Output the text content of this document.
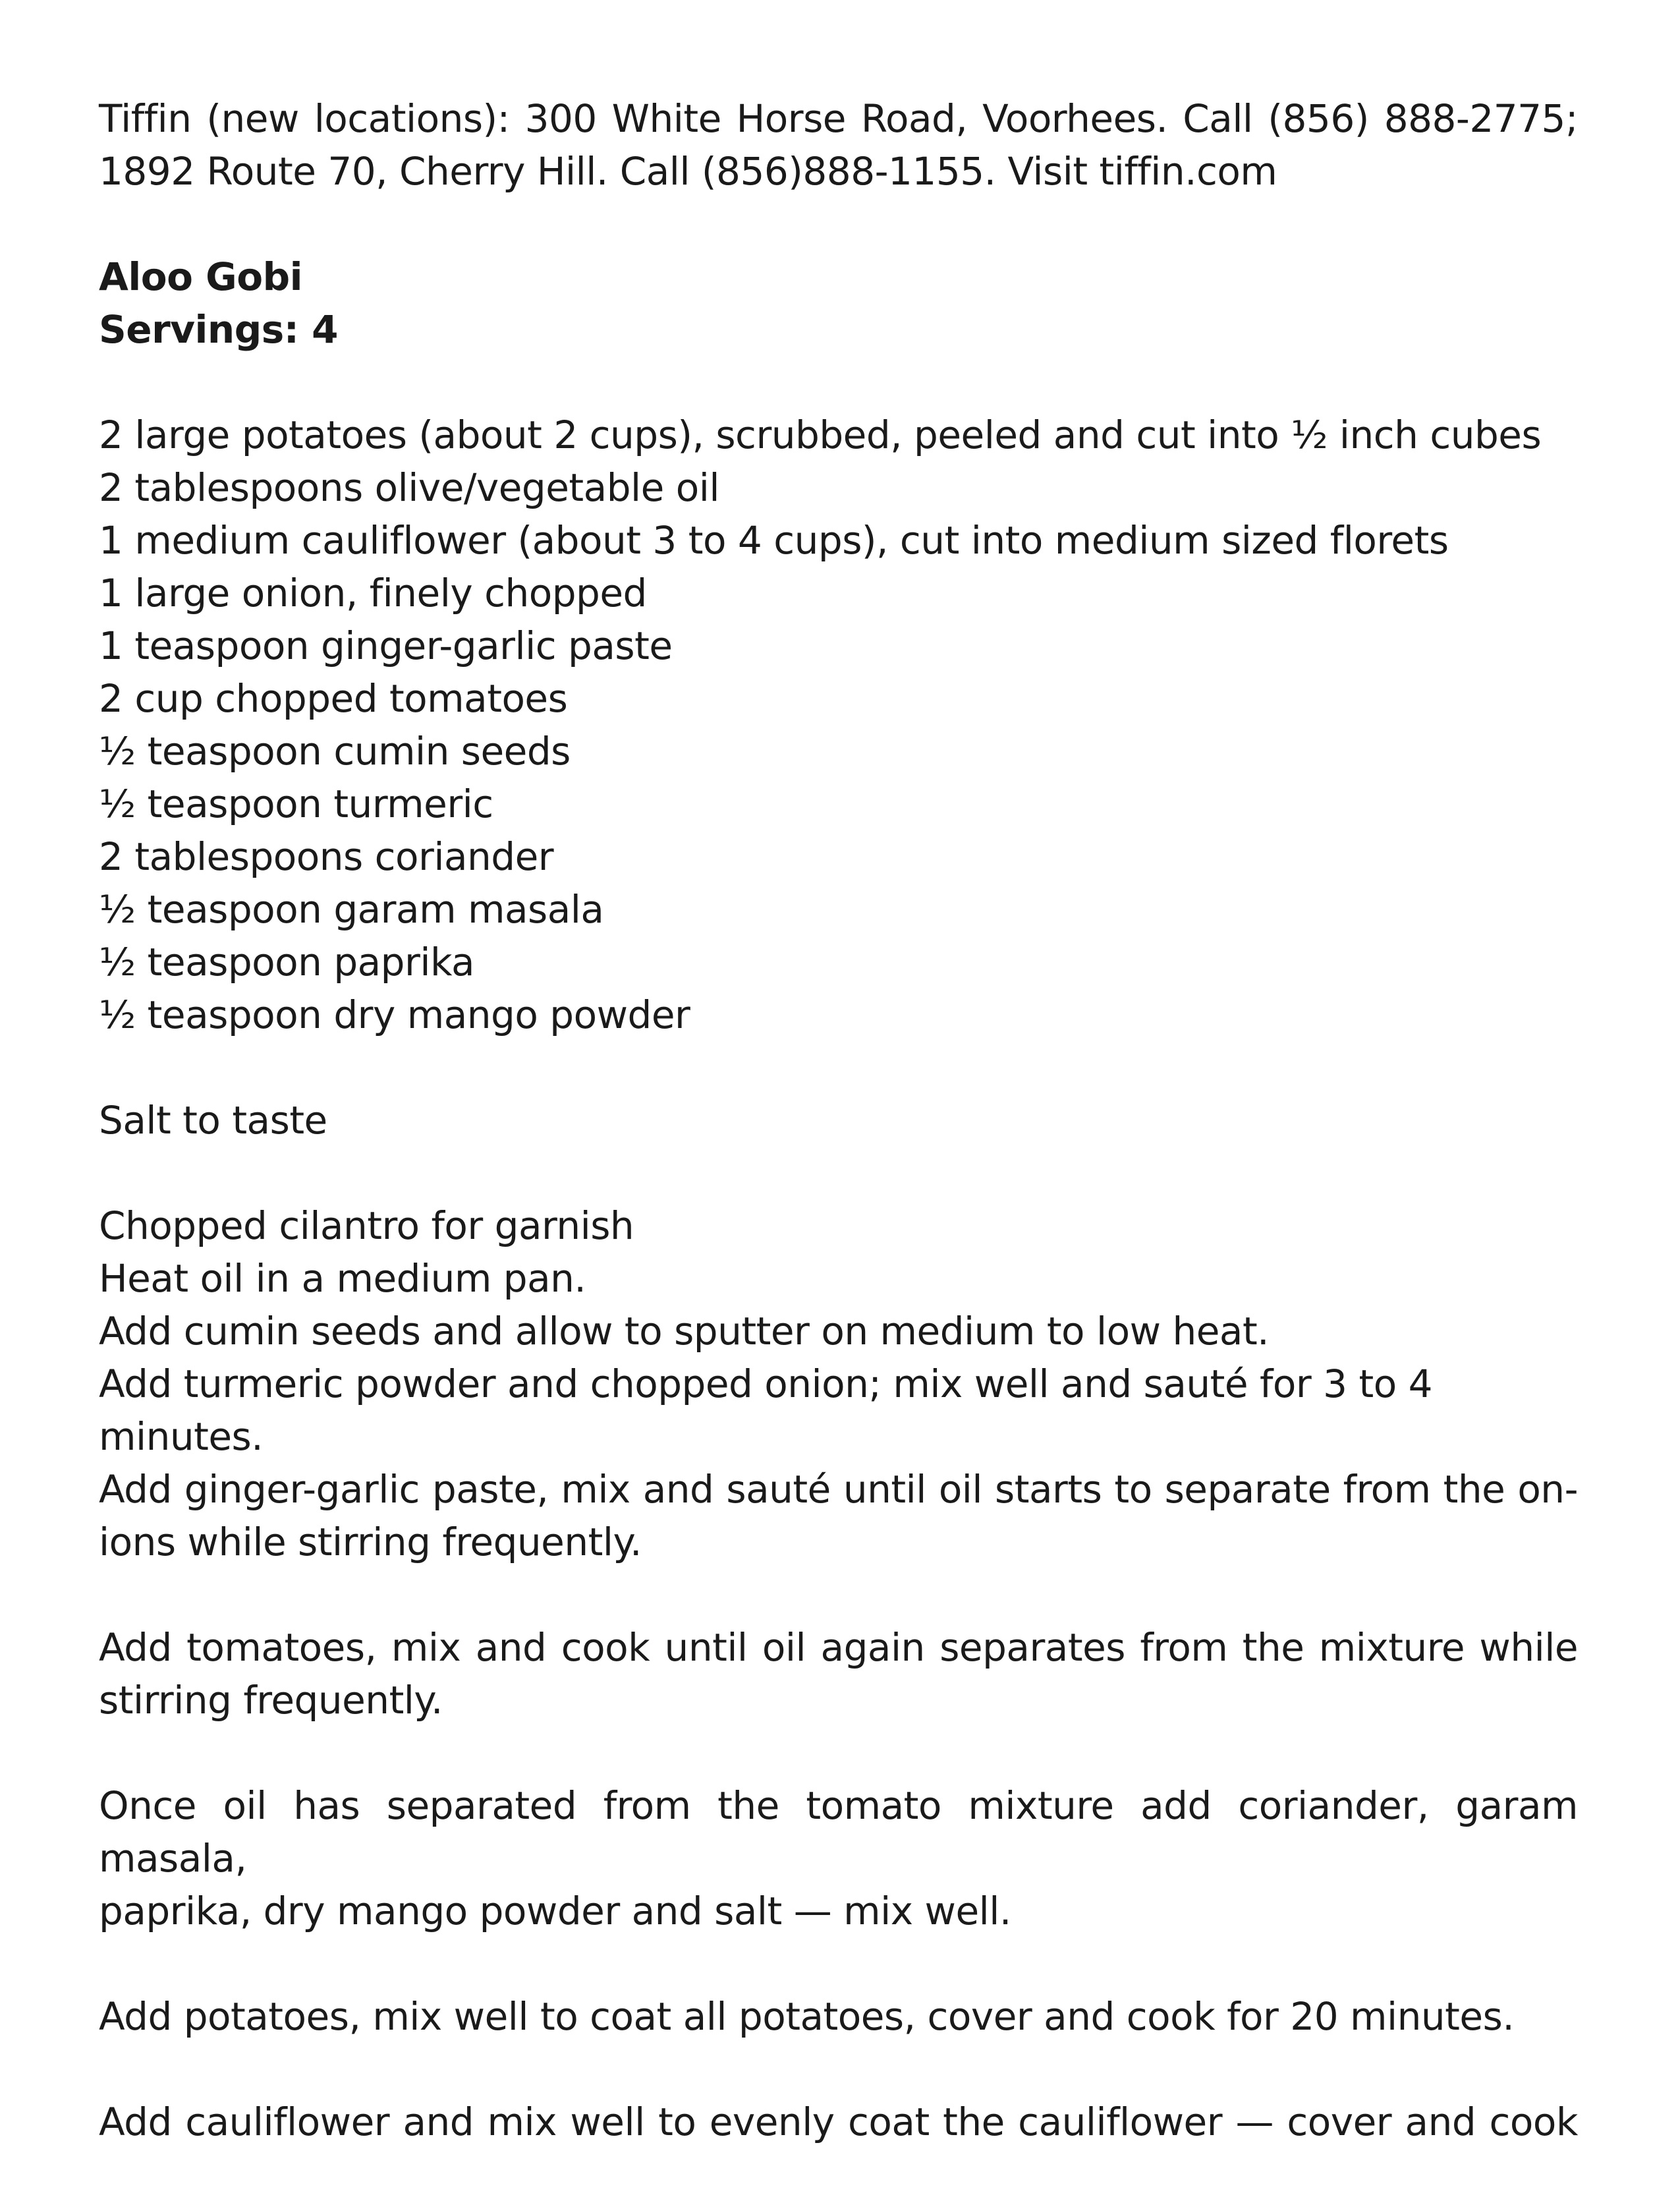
Tiffin (new locations): 300 White Horse Road, Voorhees. Call (856) 888-2775;
1892 Route 70, Cherry Hill. Call (856)888-1155. Visit tiffin.com
Aloo Gobi
Servings: 4
2 large potatoes (about 2 cups), scrubbed, peeled and cut into ½ inch cubes
2 tablespoons olive/vegetable oil
1 medium cauliflower (about 3 to 4 cups), cut into medium sized florets
1 large onion, finely chopped
1 teaspoon ginger-garlic paste
2 cup chopped tomatoes
½ teaspoon cumin seeds
½ teaspoon turmeric
2 tablespoons coriander
½ teaspoon garam masala
½ teaspoon paprika
½ teaspoon dry mango powder
Salt to taste
Chopped cilantro for garnish
Heat oil in a medium pan.
Add cumin seeds and allow to sputter on medium to low heat.
Add turmeric powder and chopped onion; mix well and sauté for 3 to 4 minutes.
Add ginger-garlic paste, mix and sauté until oil starts to separate from the on-
ions while stirring frequently.
Add tomatoes, mix and cook until oil again separates from the mixture while
stirring frequently.
Once oil has separated from the tomato mixture add coriander, garam masala,
paprika, dry mango powder and salt — mix well.
Add potatoes, mix well to coat all potatoes, cover and cook for 20 minutes.
Add cauliflower and mix well to evenly coat the cauliflower — cover and cook
